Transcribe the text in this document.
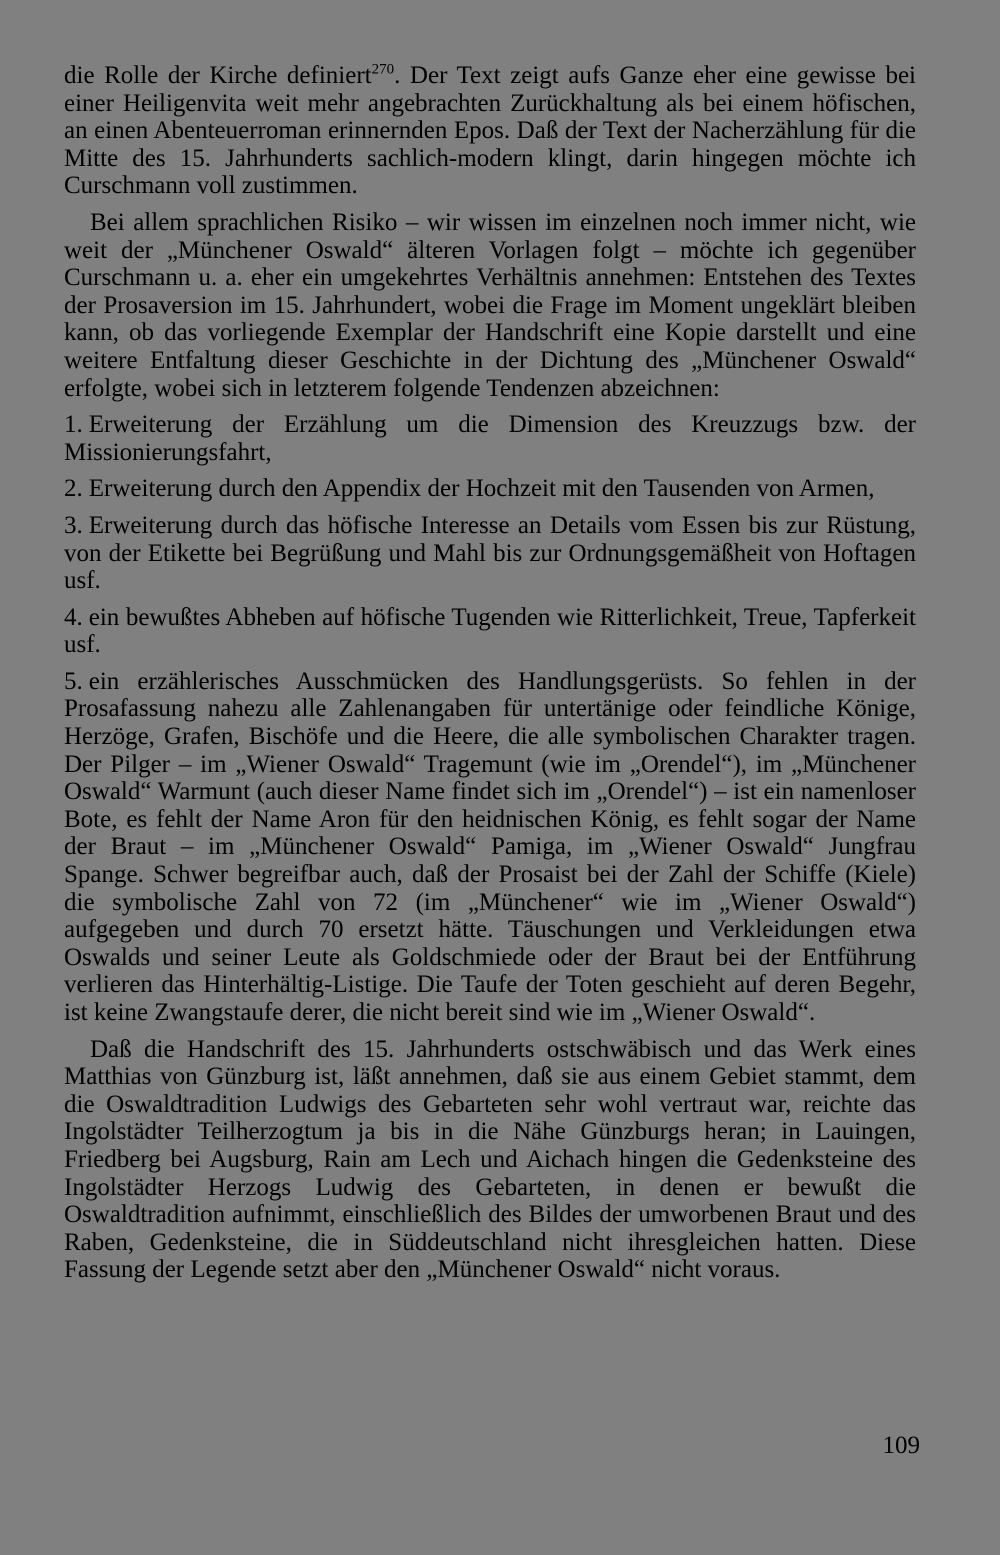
die Rolle der Kirche definiert$^{270}$. Der Text zeigt aufs Ganze eher eine gewisse bei einer Heiligenvita weit mehr angebrachten Zurückhaltung als bei einem höfischen, an einen Abenteuerroman erinnernden Epos. Daß der Text der Nacherzählung für die Mitte des 15. Jahrhunderts sachlich-modern klingt, darin hingegen möchte ich Curschmann voll zustimmen.

Bei allem sprachlichen Risiko – wir wissen im einzelnen noch immer nicht, wie weit der „Münchener Oswald“ älteren Vorlagen folgt – möchte ich gegenüber Curschmann u. a. eher ein umgekehrtes Verhältnis annehmen: Entstehen des Textes der Prosaversion im 15. Jahrhundert, wobei die Frage im Moment ungeklärt bleiben kann, ob das vorliegende Exemplar der Handschrift eine Kopie darstellt und eine weitere Entfaltung dieser Geschichte in der Dichtung des „Münchener Oswald“ erfolgte, wobei sich in letzterem folgende Tendenzen abzeichnen:

1. Erweiterung der Erzählung um die Dimension des Kreuzzugs bzw. der Missionierungsfahrt,

2. Erweiterung durch den Appendix der Hochzeit mit den Tausenden von Armen,

3. Erweiterung durch das höfische Interesse an Details vom Essen bis zur Rüstung, von der Etikette bei Begrüßung und Mahl bis zur Ordnungsgemäßheit von Hoftagen usf.

4. ein bewußtes Abheben auf höfische Tugenden wie Ritterlichkeit, Treue, Tapferkeit usf.

5. ein erzählerisches Ausschmücken des Handlungsgerüsts. So fehlen in der Prosafassung nahezu alle Zahlenangaben für untertänige oder feindliche Könige, Herzöge, Grafen, Bischöfe und die Heere, die alle symbolischen Charakter tragen. Der Pilger – im „Wiener Oswald“ Tragemunt (wie im „Orendel“), im „Münchener Oswald“ Warmunt (auch dieser Name findet sich im „Orendel“) – ist ein namenloser Bote, es fehlt der Name Aron für den heidnischen König, es fehlt sogar der Name der Braut – im „Münchener Oswald“ Pamiga, im „Wiener Oswald“ Jungfrau Spange. Schwer begreifbar auch, daß der Prosaist bei der Zahl der Schiffe (Kiele) die symbolische Zahl von 72 (im „Münchener“ wie im „Wiener Oswald“) aufgegeben und durch 70 ersetzt hätte. Täuschungen und Verkleidungen etwa Oswalds und seiner Leute als Goldschmiede oder der Braut bei der Entführung verlieren das Hinterhältig-Listige. Die Taufe der Toten geschieht auf deren Begehr, ist keine Zwangstaufe derer, die nicht bereit sind wie im „Wiener Oswald“.

Daß die Handschrift des 15. Jahrhunderts ostschwäbisch und das Werk eines Matthias von Günzburg ist, läßt annehmen, daß sie aus einem Gebiet stammt, dem die Oswaldtradition Ludwigs des Gebarteten sehr wohl vertraut war, reichte das Ingolstädter Teilherzogtum ja bis in die Nähe Günzburgs heran; in Lauingen, Friedberg bei Augsburg, Rain am Lech und Aichach hingen die Gedenksteine des Ingolstädter Herzogs Ludwig des Gebarteten, in denen er bewußt die Oswaldtradition aufnimmt, einschließlich des Bildes der umworbenen Braut und des Raben, Gedenksteine, die in Süddeutschland nicht ihresgleichen hatten. Diese Fassung der Legende setzt aber den „Münchener Oswald“ nicht voraus.

109
